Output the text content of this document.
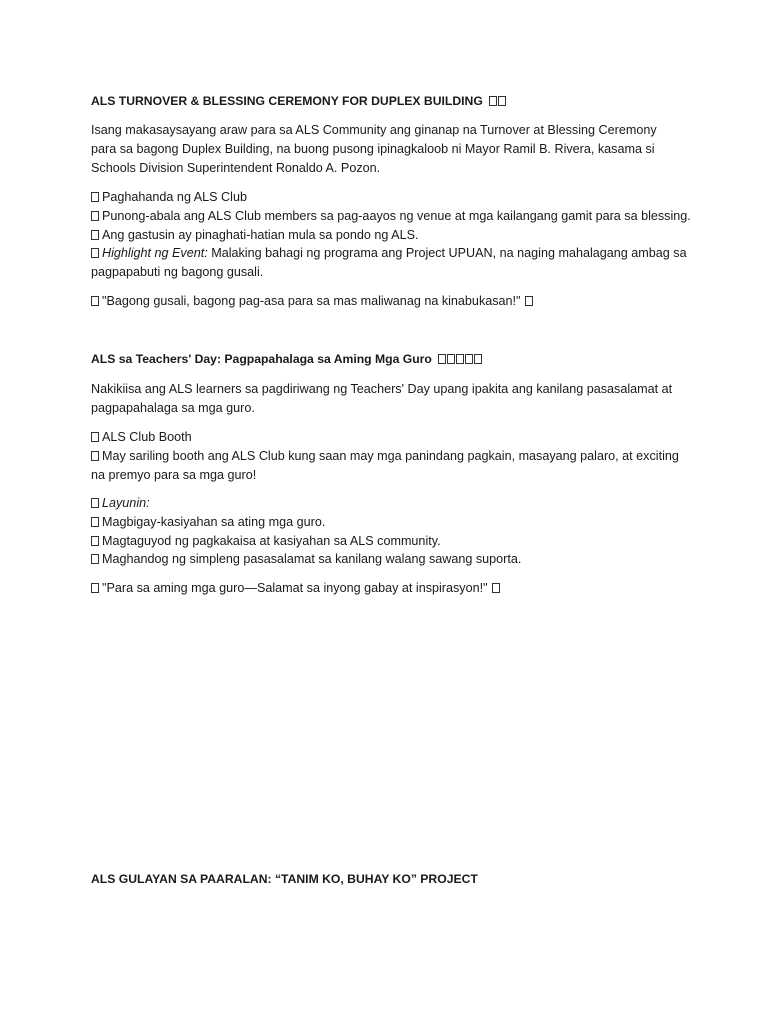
ALS TURNOVER & BLESSING CEREMONY FOR DUPLEX BUILDING
Isang makasaysayang araw para sa ALS Community ang ginanap na Turnover at Blessing Ceremony para sa bagong Duplex Building, na buong pusong ipinagkaloob ni Mayor Ramil B. Rivera, kasama si Schools Division Superintendent Ronaldo A. Pozon.
Paghahanda ng ALS Club
Punong-abala ang ALS Club members sa pag-aayos ng venue at mga kailangang gamit para sa blessing.
Ang gastusin ay pinaghati-hatian mula sa pondo ng ALS.
Highlight ng Event: Malaking bahagi ng programa ang Project UPUAN, na naging mahalagang ambag sa
pagpapabuti ng bagong gusali.
"Bagong gusali, bagong pag-asa para sa mas maliwanag na kinabukasan!"
ALS sa Teachers' Day: Pagpapahalaga sa Aming Mga Guro
Nakikiisa ang ALS learners sa pagdiriwang ng Teachers' Day upang ipakita ang kanilang pasasalamat at pagpapahalaga sa mga guro.
ALS Club Booth
May sariling booth ang ALS Club kung saan may mga panindang pagkain, masayang palaro, at exciting
na premyo para sa mga guro!
Layunin:
Magbigay-kasiyahan sa ating mga guro.
Magtaguyod ng pagkakaisa at kasiyahan sa ALS community.
Maghandog ng simpleng pasasalamat sa kanilang walang sawang suporta.
"Para sa aming mga guro—Salamat sa inyong gabay at inspirasyon!"
ALS GULAYAN SA PAARALAN: “TANIM KO, BUHAY KO” PROJECT
